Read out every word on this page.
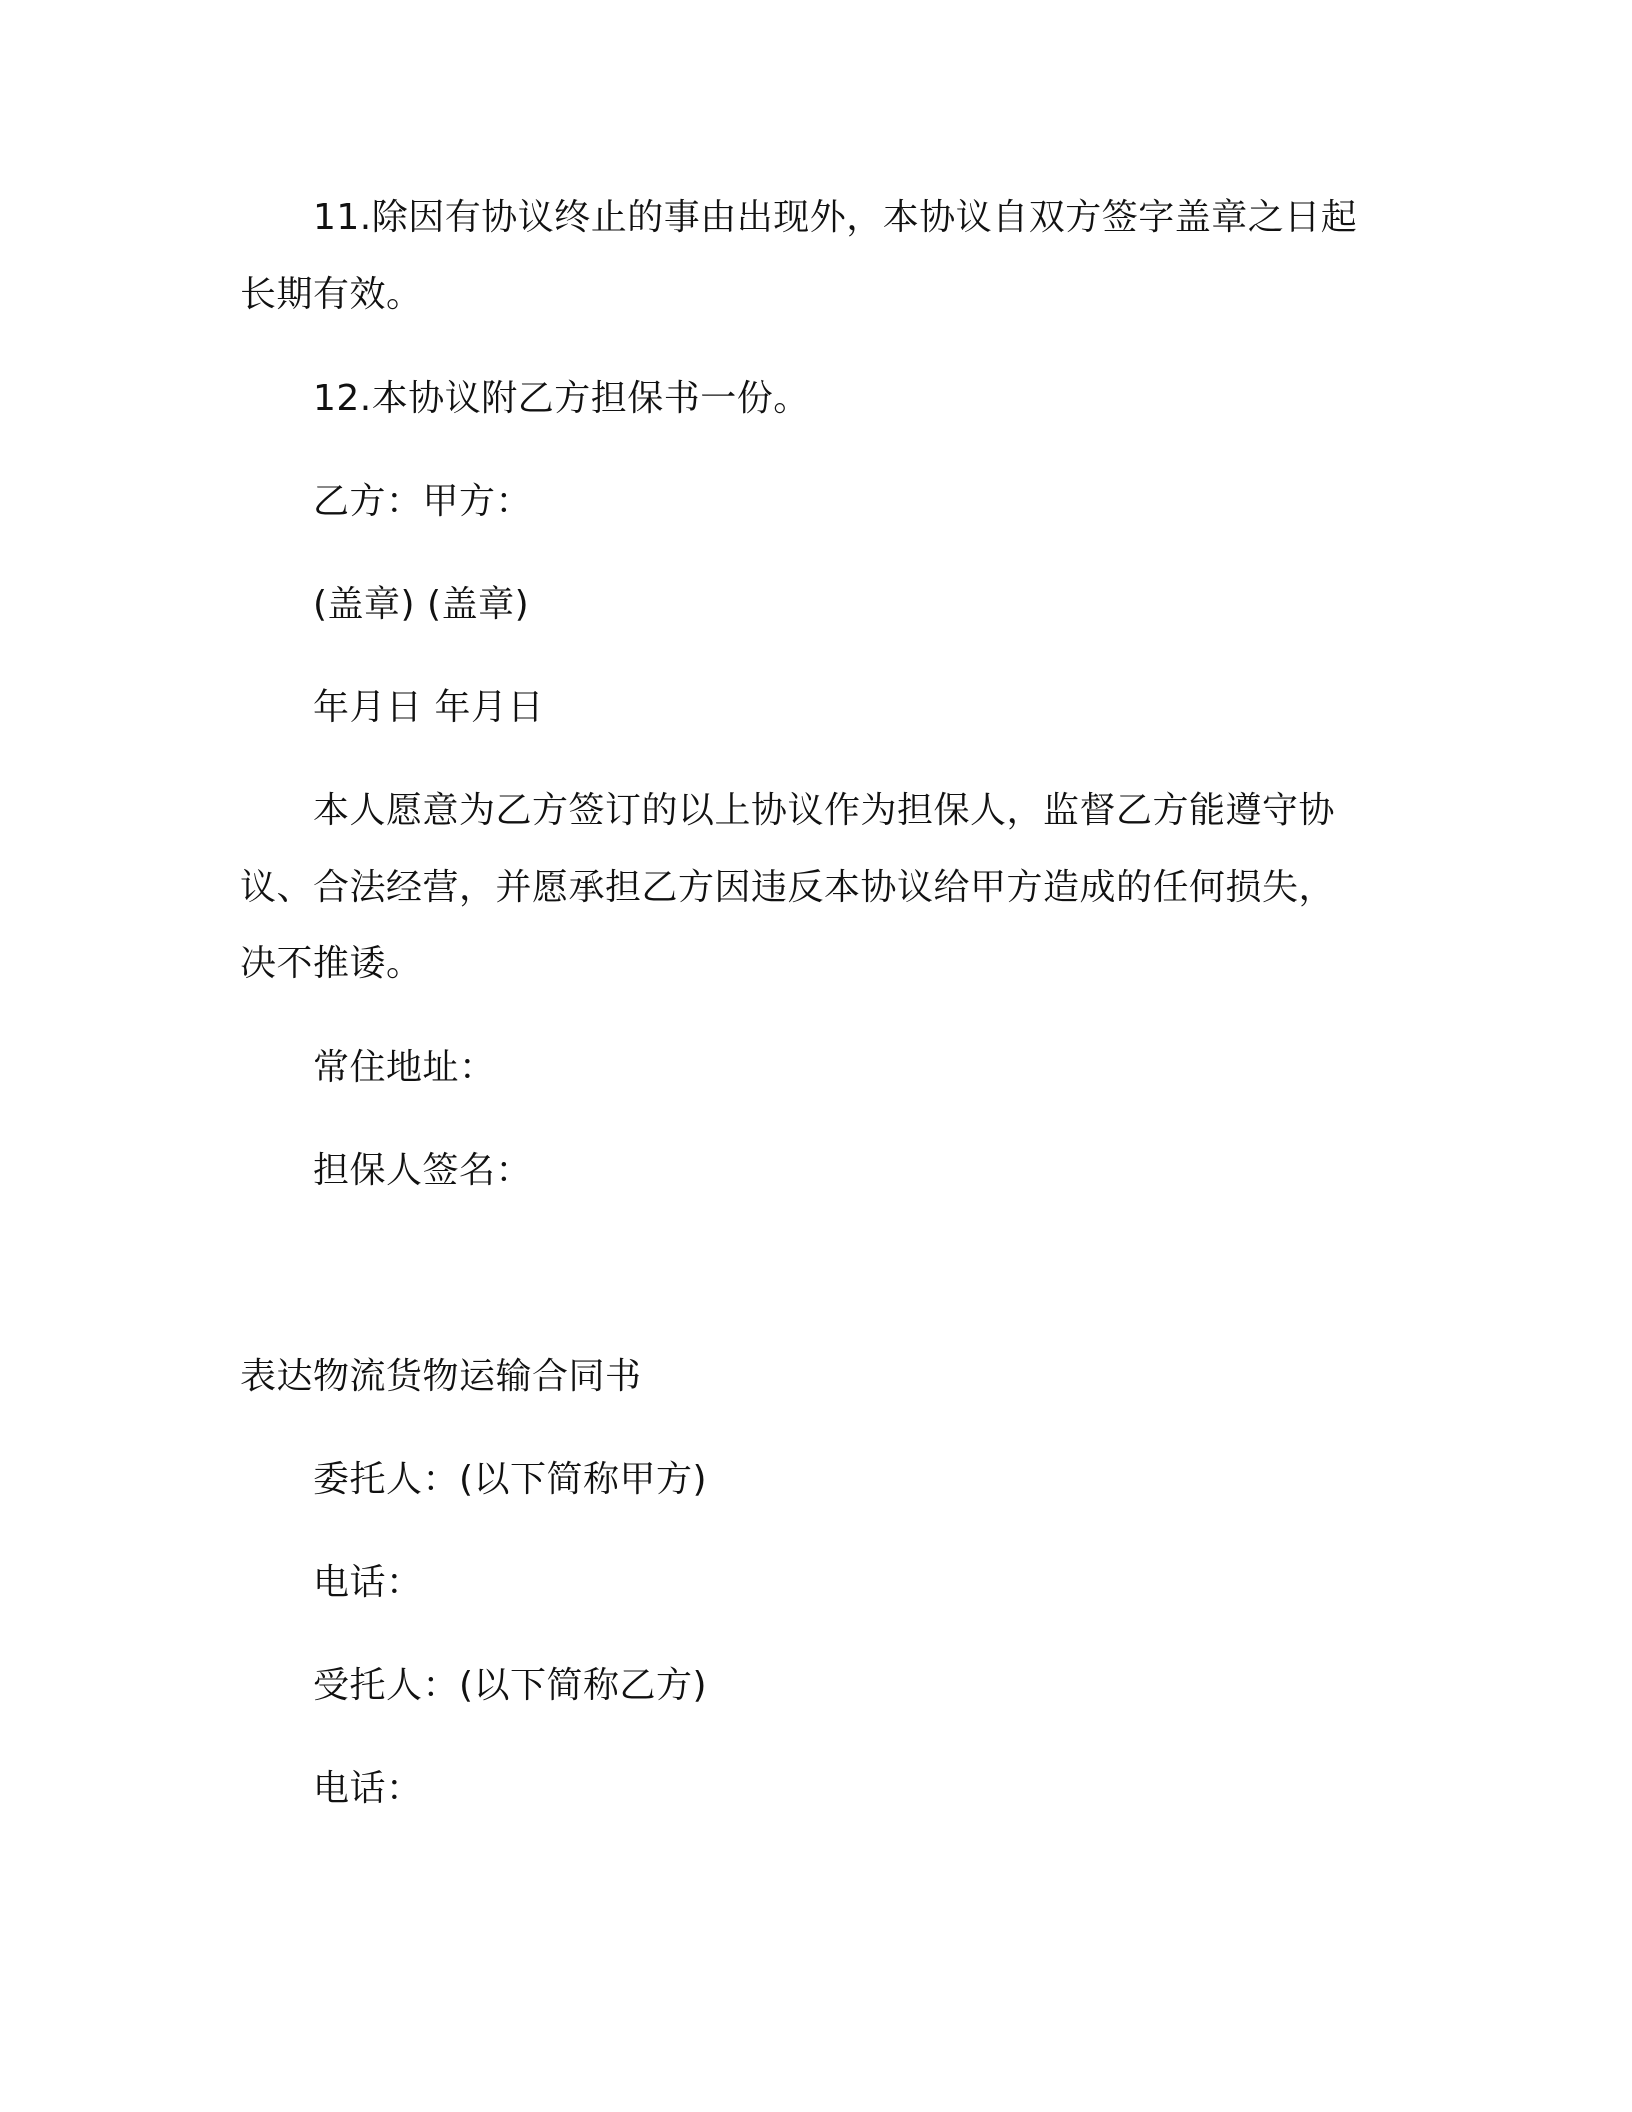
11.除因有协议终止的事由出现外，本协议自双方签字盖章之日起
长期有效。
12.本协议附乙方担保书一份。
乙方：甲方：
(盖章) (盖章)
年月日 年月日
本人愿意为乙方签订的以上协议作为担保人，监督乙方能遵守协
议、合法经营，并愿承担乙方因违反本协议给甲方造成的任何损失，
决不推诿。
常住地址：
担保人签名：
表达物流货物运输合同书
委托人：(以下简称甲方)
电话：
受托人：(以下简称乙方)
电话：
